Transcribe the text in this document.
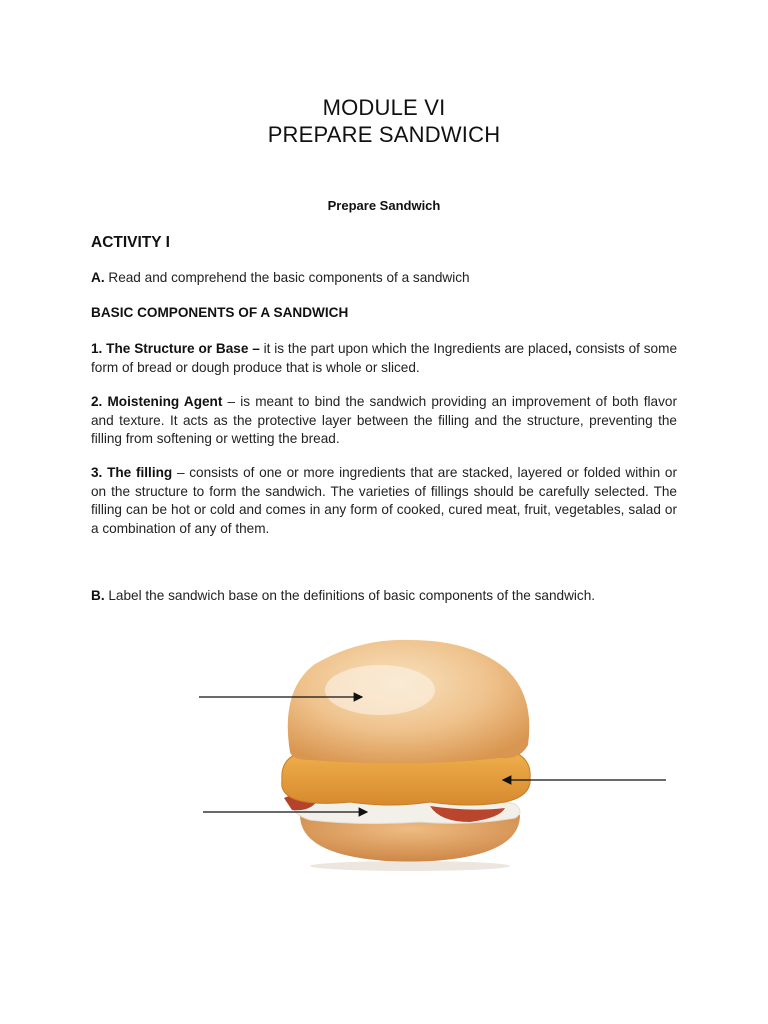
MODULE VI
PREPARE SANDWICH
Prepare Sandwich
ACTIVITY I
A. Read and comprehend the basic components of a sandwich
BASIC COMPONENTS OF A SANDWICH
1. The Structure or Base – it is the part upon which the Ingredients are placed, consists of some form of bread or dough produce that is whole or sliced.
2. Moistening Agent – is meant to bind the sandwich providing an improvement of both flavor and texture. It acts as the protective layer between the filling and the structure, preventing the filling from softening or wetting the bread.
3. The filling – consists of one or more ingredients that are stacked, layered or folded within or on the structure to form the sandwich. The varieties of fillings should be carefully selected. The filling can be hot or cold and comes in any form of cooked, cured meat, fruit, vegetables, salad or a combination of any of them.
B. Label the sandwich base on the definitions of basic components of the sandwich.
